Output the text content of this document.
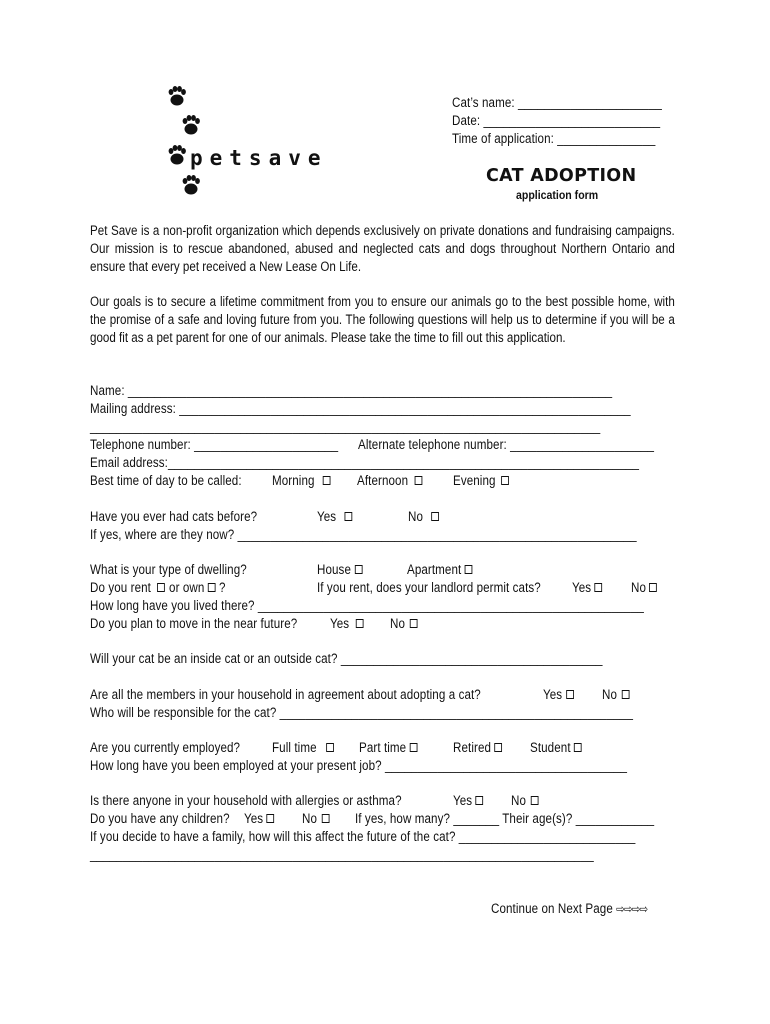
petsave
Cat’s name: ______________________
Date: ___________________________
Time of application: _______________
CAT ADOPTION
application form
Pet Save is a non-profit organization which depends exclusively on private donations and fundraising campaigns. Our mission is to rescue abandoned, abused and neglected cats and dogs throughout Northern Ontario and ensure that every pet received a New Lease On Life.
Our goals is to secure a lifetime commitment from you to ensure our animals go to the best possible home, with the promise of a safe and loving future from you. The following questions will help us to determine if you will be a good fit as a pet parent for one of our animals. Please take the time to fill out this application.
Name: __________________________________________________________________________
Mailing address: _____________________________________________________________________
______________________________________________________________________________
Telephone number: ______________________ Alternate telephone number: ______________________
Email address:________________________________________________________________________
Best time of day to be called: Morning	Afternoon	Evening
Have you ever had cats before?	Yes	No
If yes, where are they now? _____________________________________________________________
What is your type of dwelling?	House	Apartment
Do you rent or own ?	If you rent, does your landlord permit cats? Yes	No
How long have you lived there? ___________________________________________________________
Do you plan to move in the near future? Yes	No
Will your cat be an inside cat or an outside cat? ________________________________________
Are all the members in your household in agreement about adopting a cat?	Yes	No
Who will be responsible for the cat? ______________________________________________________
Are you currently employed? Full time	Part time	Retired	Student
How long have you been employed at your present job? _____________________________________
Is there anyone in your household with allergies or asthma?	Yes	No
Do you have any children? Yes	No	If yes, how many? _______ Their age(s)? ____________
If you decide to have a family, how will this affect the future of the cat? ___________________________
_____________________________________________________________________________
Continue on Next Page ⇨⇨⇨⇨
